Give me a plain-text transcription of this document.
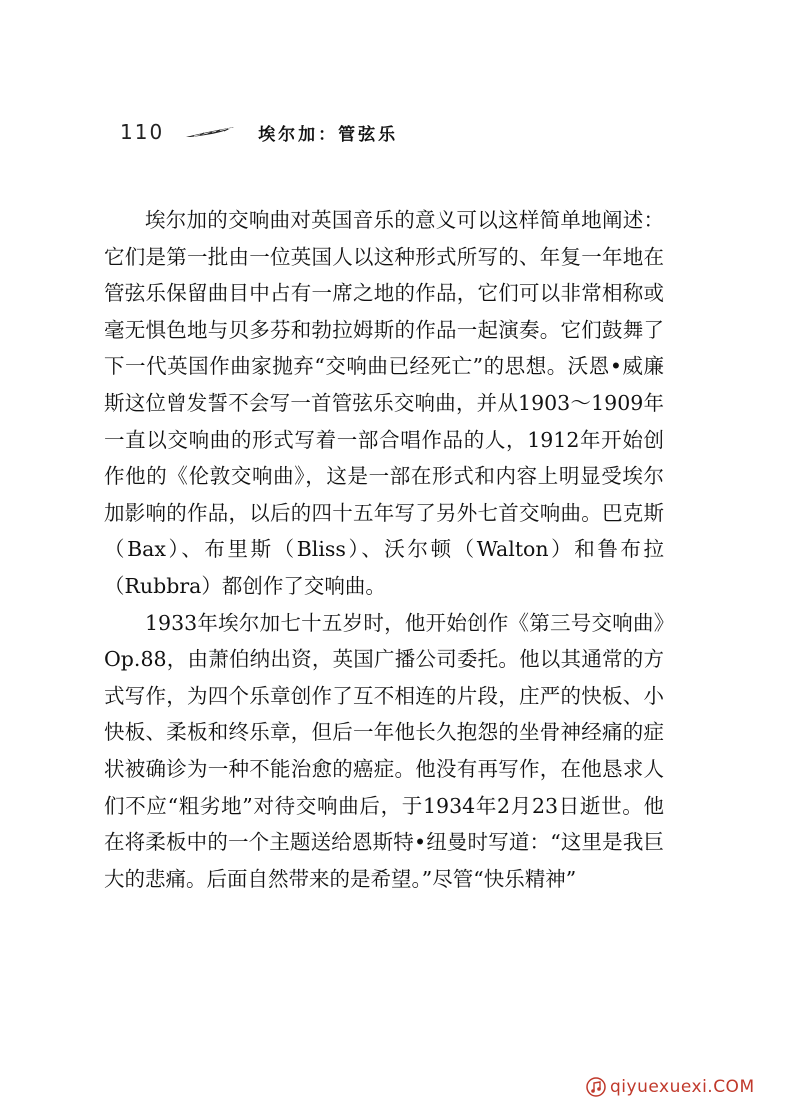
110	埃尔加：管弦乐

埃尔加的交响曲对英国音乐的意义可以这样简单地阐述：它们是第一批由一位英国人以这种形式所写的、年复一年地在管弦乐保留曲目中占有一席之地的作品，它们可以非常相称或毫无惧色地与贝多芬和勃拉姆斯的作品一起演奏。它们鼓舞了下一代英国作曲家抛弃“交响曲已经死亡”的思想。沃恩•威廉斯这位曾发誓不会写一首管弦乐交响曲，并从1903～1909年一直以交响曲的形式写着一部合唱作品的人，1912年开始创作他的《伦敦交响曲》，这是一部在形式和内容上明显受埃尔加影响的作品，以后的四十五年写了另外七首交响曲。巴克斯（Bax）、布里斯（Bliss）、沃尔顿（Walton）和鲁布拉（Rubbra）都创作了交响曲。

1933年埃尔加七十五岁时，他开始创作《第三号交响曲》Op.88，由萧伯纳出资，英国广播公司委托。他以其通常的方式写作，为四个乐章创作了互不相连的片段，庄严的快板、小快板、柔板和终乐章，但后一年他长久抱怨的坐骨神经痛的症状被确诊为一种不能治愈的癌症。他没有再写作，在他恳求人们不应“粗劣地”对待交响曲后，于1934年2月23日逝世。他在将柔板中的一个主题送给恩斯特•纽曼时写道：“这里是我巨大的悲痛。后面自然带来的是希望。”尽管“快乐精神”

qiyuexuexi.COM
